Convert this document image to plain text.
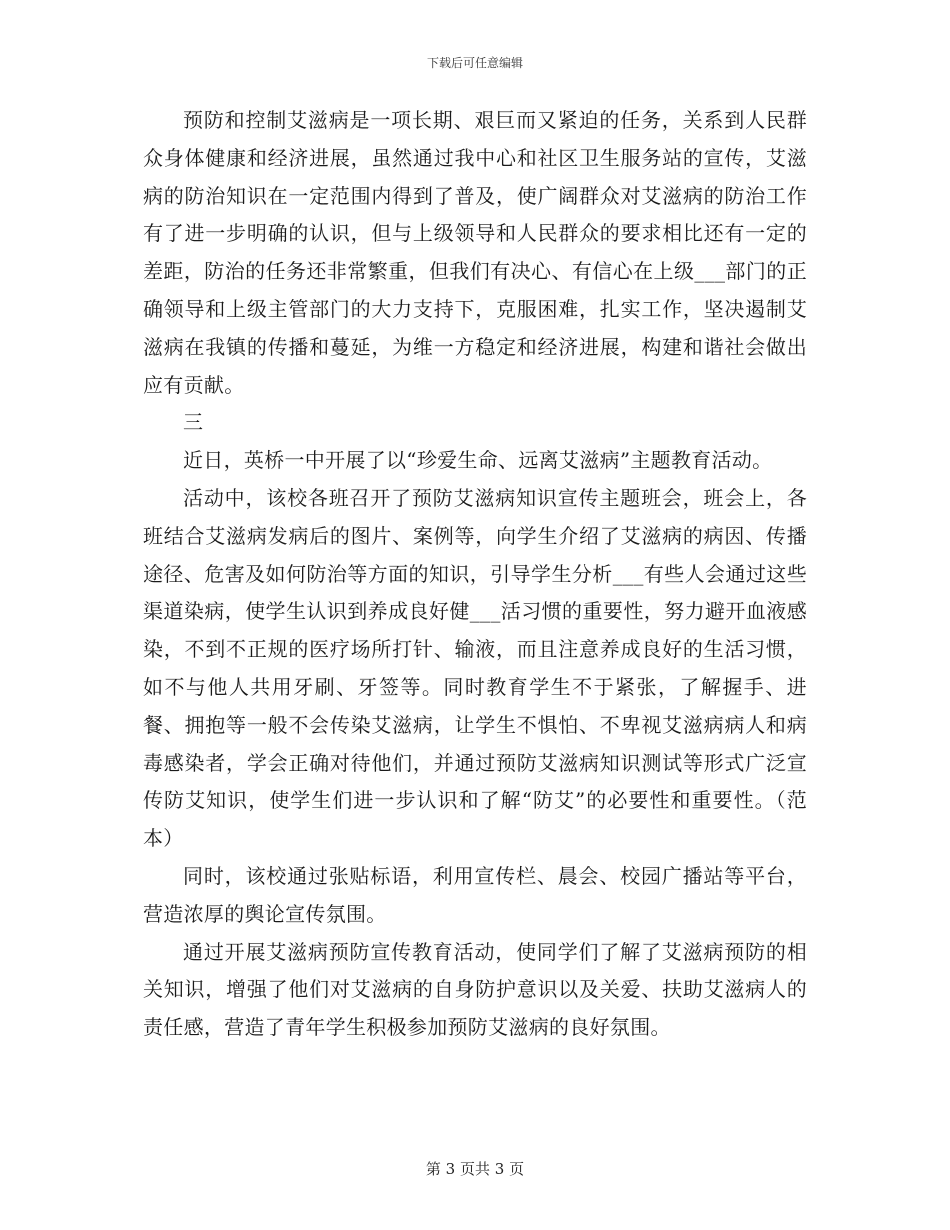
下载后可任意编辑

预防和控制艾滋病是一项长期、艰巨而又紧迫的任务，关系到人民群众身体健康和经济进展，虽然通过我中心和社区卫生服务站的宣传，艾滋病的防治知识在一定范围内得到了普及，使广阔群众对艾滋病的防治工作有了进一步明确的认识，但与上级领导和人民群众的要求相比还有一定的差距，防治的任务还非常繁重，但我们有决心、有信心在上级___部门的正确领导和上级主管部门的大力支持下，克服困难，扎实工作，坚决遏制艾滋病在我镇的传播和蔓延，为维一方稳定和经济进展，构建和谐社会做出应有贡献。

三

近日，英桥一中开展了以“珍爱生命、远离艾滋病”主题教育活动。

活动中，该校各班召开了预防艾滋病知识宣传主题班会，班会上，各班结合艾滋病发病后的图片、案例等，向学生介绍了艾滋病的病因、传播途径、危害及如何防治等方面的知识，引导学生分析___有些人会通过这些渠道染病，使学生认识到养成良好健___活习惯的重要性，努力避开血液感染，不到不正规的医疗场所打针、输液，而且注意养成良好的生活习惯，如不与他人共用牙刷、牙签等。同时教育学生不于紧张，了解握手、进餐、拥抱等一般不会传染艾滋病，让学生不惧怕、不卑视艾滋病病人和病毒感染者，学会正确对待他们，并通过预防艾滋病知识测试等形式广泛宣传防艾知识，使学生们进一步认识和了解“防艾”的必要性和重要性。（范本）

同时，该校通过张贴标语，利用宣传栏、晨会、校园广播站等平台，营造浓厚的舆论宣传氛围。

通过开展艾滋病预防宣传教育活动，使同学们了解了艾滋病预防的相关知识，增强了他们对艾滋病的自身防护意识以及关爱、扶助艾滋病人的责任感，营造了青年学生积极参加预防艾滋病的良好氛围。

第 3 页共 3 页
